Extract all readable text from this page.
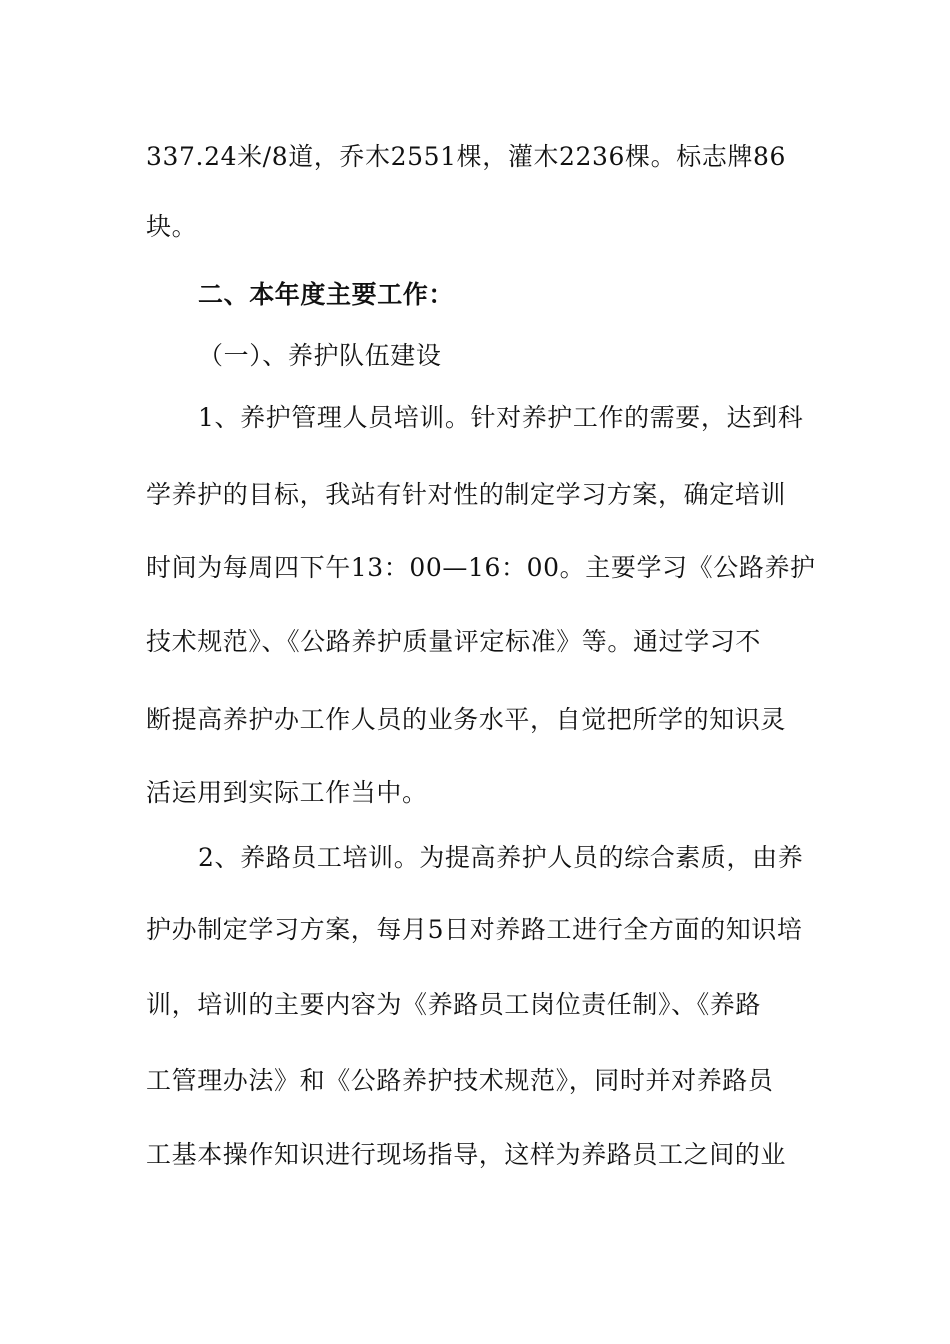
337.24米/8道，乔木2551棵，灌木2236棵。标志牌86
块。
二、本年度主要工作：
（一）、养护队伍建设
1、养护管理人员培训。针对养护工作的需要，达到科
学养护的目标，我站有针对性的制定学习方案，确定培训
时间为每周四下午13：00—16：00。主要学习《公路养护
技术规范》、《公路养护质量评定标准》等。通过学习不
断提高养护办工作人员的业务水平，自觉把所学的知识灵
活运用到实际工作当中。
2、养路员工培训。为提高养护人员的综合素质，由养
护办制定学习方案，每月5日对养路工进行全方面的知识培
训，培训的主要内容为《养路员工岗位责任制》、《养路
工管理办法》和《公路养护技术规范》，同时并对养路员
工基本操作知识进行现场指导，这样为养路员工之间的业
